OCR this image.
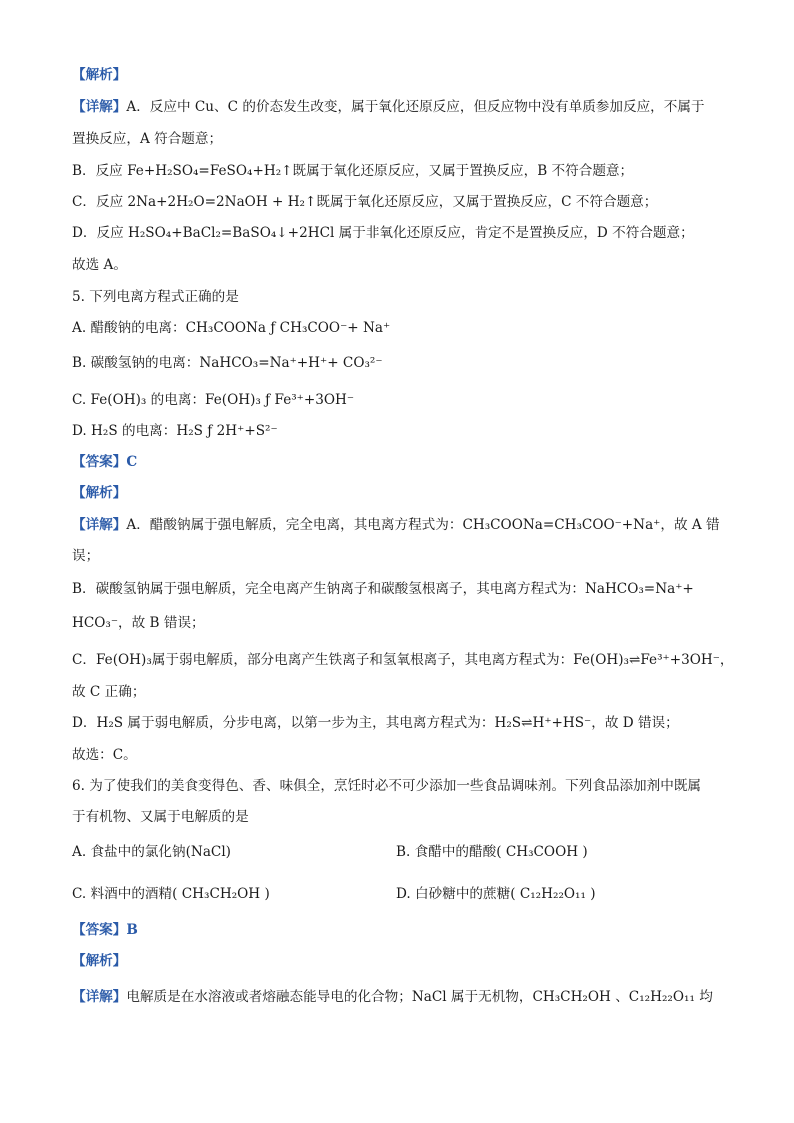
【解析】
【详解】A．反应中 Cu、C 的价态发生改变，属于氧化还原反应，但反应物中没有单质参加反应，不属于
置换反应，A 符合题意；
B．反应 Fe+H₂SO₄=FeSO₄+H₂↑既属于氧化还原反应，又属于置换反应，B 不符合题意；
C．反应 2Na+2H₂O=2NaOH + H₂↑既属于氧化还原反应，又属于置换反应，C 不符合题意；
D．反应 H₂SO₄+BaCl₂=BaSO₄↓+2HCl 属于非氧化还原反应，肯定不是置换反应，D 不符合题意；
故选 A。
5. 下列电离方程式正确的是
A. 醋酸钠的电离：CH₃COONa ƒ CH₃COO⁻+ Na⁺
B. 碳酸氢钠的电离：NaHCO₃=Na⁺+H⁺+ CO₃²⁻
C. Fe(OH)₃ 的电离：Fe(OH)₃ ƒ Fe³⁺+3OH⁻
D. H₂S 的电离：H₂S ƒ 2H⁺+S²⁻
【答案】C
【解析】
【详解】A．醋酸钠属于强电解质，完全电离，其电离方程式为：CH₃COONa=CH₃COO⁻+Na⁺，故 A 错
误；
B．碳酸氢钠属于强电解质，完全电离产生钠离子和碳酸氢根离子，其电离方程式为：NaHCO₃=Na⁺+
HCO₃⁻，故 B 错误；
C．Fe(OH)₃属于弱电解质，部分电离产生铁离子和氢氧根离子，其电离方程式为：Fe(OH)₃⇌Fe³⁺+3OH⁻，
故 C 正确；
D．H₂S 属于弱电解质，分步电离，以第一步为主，其电离方程式为：H₂S⇌H⁺+HS⁻，故 D 错误；
故选：C。
6. 为了使我们的美食变得色、香、味俱全，烹饪时必不可少添加一些食品调味剂。下列食品添加剂中既属
于有机物、又属于电解质的是
A. 食盐中的氯化钠(NaCl)	B. 食醋中的醋酸( CH₃COOH )
C. 料酒中的酒精( CH₃CH₂OH )	D. 白砂糖中的蔗糖( C₁₂H₂₂O₁₁ )
【答案】B
【解析】
【详解】电解质是在水溶液或者熔融态能导电的化合物；NaCl 属于无机物，CH₃CH₂OH 、C₁₂H₂₂O₁₁ 均
